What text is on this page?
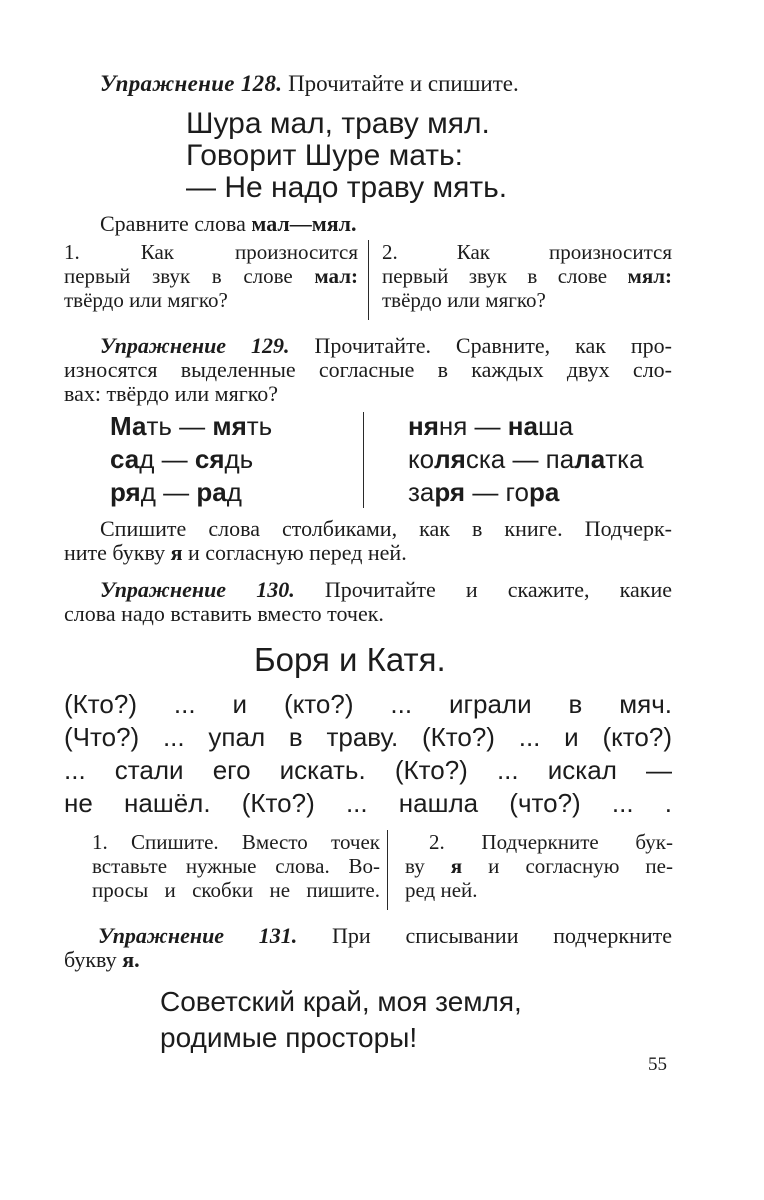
Упражнение 128. Прочитайте и спишите.
Шура мал, траву мял.
Говорит Шуре мать:
— Не надо траву мять.
Сравните слова мал—мял.
1. Как произносится
первый звук в слове мал:
твёрдо или мягко?
2. Как произносится
первый звук в слове мял:
твёрдо или мягко?
Упражнение 129. Прочитайте. Сравните, как про-
износятся выделенные согласные в каждых двух сло-
вах: твёрдо или мягко?
Мать — мять
сад — сядь
ряд — рад
няня — наша
коляска — палатка
заря — гора
Спишите слова столбиками, как в книге. Подчерк-
ните букву я и согласную перед ней.
Упражнение 130. Прочитайте и скажите, какие
слова надо вставить вместо точек.
Боря и Катя.
(Кто?) ... и (кто?) ... играли в мяч.
(Что?) ... упал в траву. (Кто?) ... и (кто?)
... стали его искать. (Кто?) ... искал —
не нашёл. (Кто?) ... нашла (что?) ... .
1. Спишите. Вместо точек
вставьте нужные слова. Во-
просы и скобки не пишите.
2. Подчеркните бук-
ву я и согласную пе-
ред ней.
Упражнение 131. При списывании подчеркните
букву я.
Советский край, моя земля,
родимые просторы!
55
